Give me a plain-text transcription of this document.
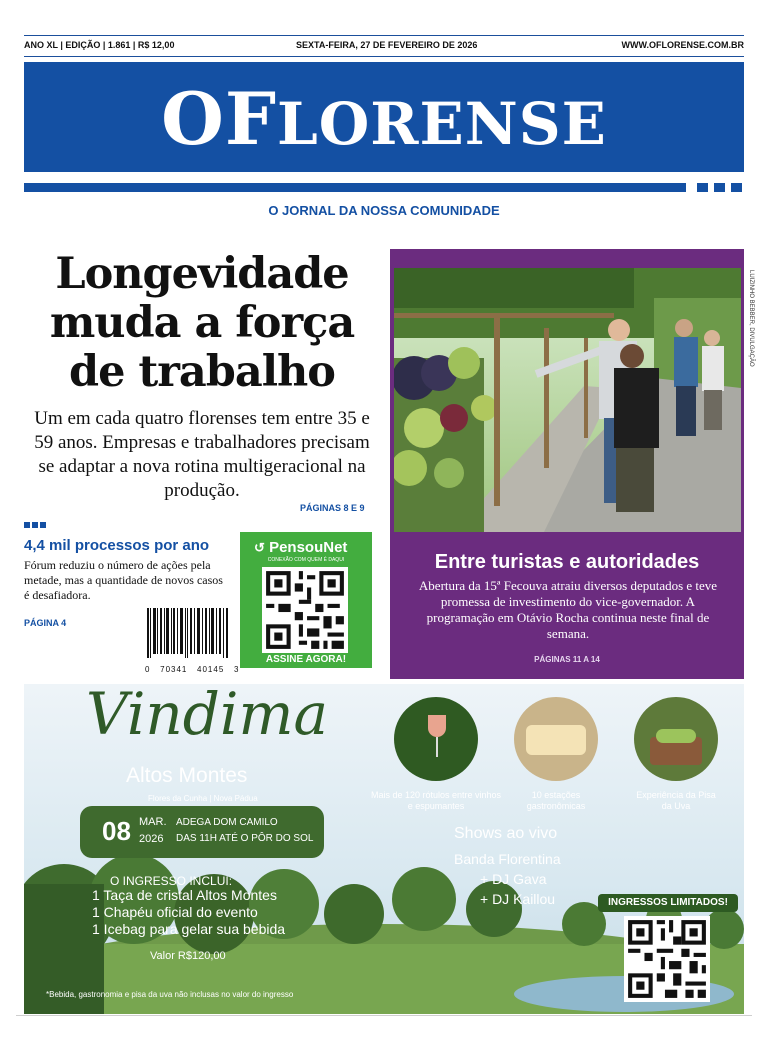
ANO XL | EDIÇÃO | 1.861 | R$ 12,00	SEXTA-FEIRA, 27 DE FEVEREIRO DE 2026	WWW.OFLORENSE.COM.BR
OFLORENSE
O JORNAL DA NOSSA COMUNIDADE
Longevidade
muda a força
de trabalho
Um em cada quatro florenses tem entre 35 e 59 anos. Empresas e trabalhadores precisam se adaptar a nova rotina multigeracional na produção.
PÁGINAS 8 E 9
4,4 mil processos por ano
Fórum reduziu o número de ações pela metade, mas a quantidade de novos casos é desafiadora.
PÁGINA 4
0   70341   40145   3
↺ PensouNet
CONEXÃO COM QUEM É DAQUI
ASSINE AGORA!
LUIZINHO BEBBER, DIVULGAÇÃO
Entre turistas e autoridades
Abertura da 15ª Fecouva atraiu diversos deputados e teve promessa de investimento do vice-governador. A programação em Otávio Rocha continua neste final de semana.
PÁGINAS 11 A 14
Vindima
Altos Montes
Flores da Cunha | Nova Pádua
08 MAR.
2026
ADEGA DOM CAMILO
DAS 11H ATÉ O PÔR DO SOL
Mais de 120 rótulos entre vinhos e espumantes
10 estações gastronômicas
Experiência da Pisa da Uva
Shows ao vivo
Banda Florentina
+ DJ Gava
+ DJ Kaillou
O INGRESSO INCLUI:
1 Taça de cristal Altos Montes
1 Chapéu oficial do evento
1 Icebag para gelar sua bebida
Valor R$120,00
INGRESSOS LIMITADOS!
*Bebida, gastronomia e pisa da uva não inclusas no valor do ingresso
